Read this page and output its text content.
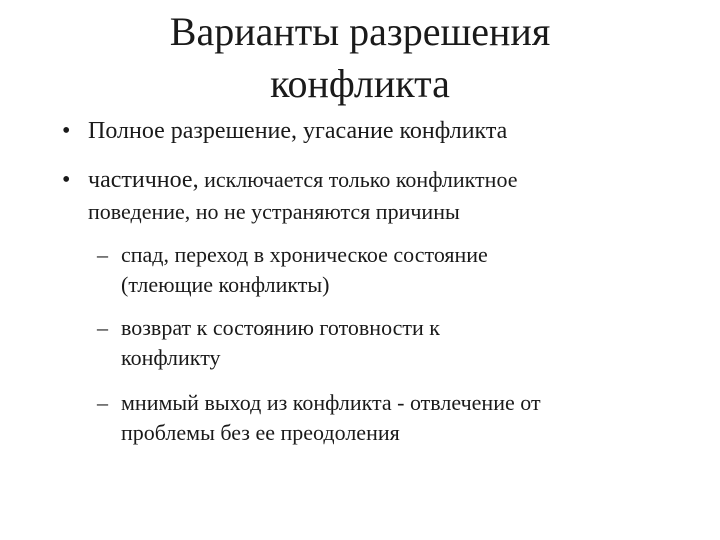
Варианты разрешения
конфликта
• Полное разрешение, угасание конфликта
• частичное, исключается только конфликтное
поведение, но не устраняются причины
– спад, переход в хроническое состояние
(тлеющие конфликты)
– возврат к состоянию готовности к
конфликту
– мнимый выход из конфликта - отвлечение от
проблемы без ее преодоления
